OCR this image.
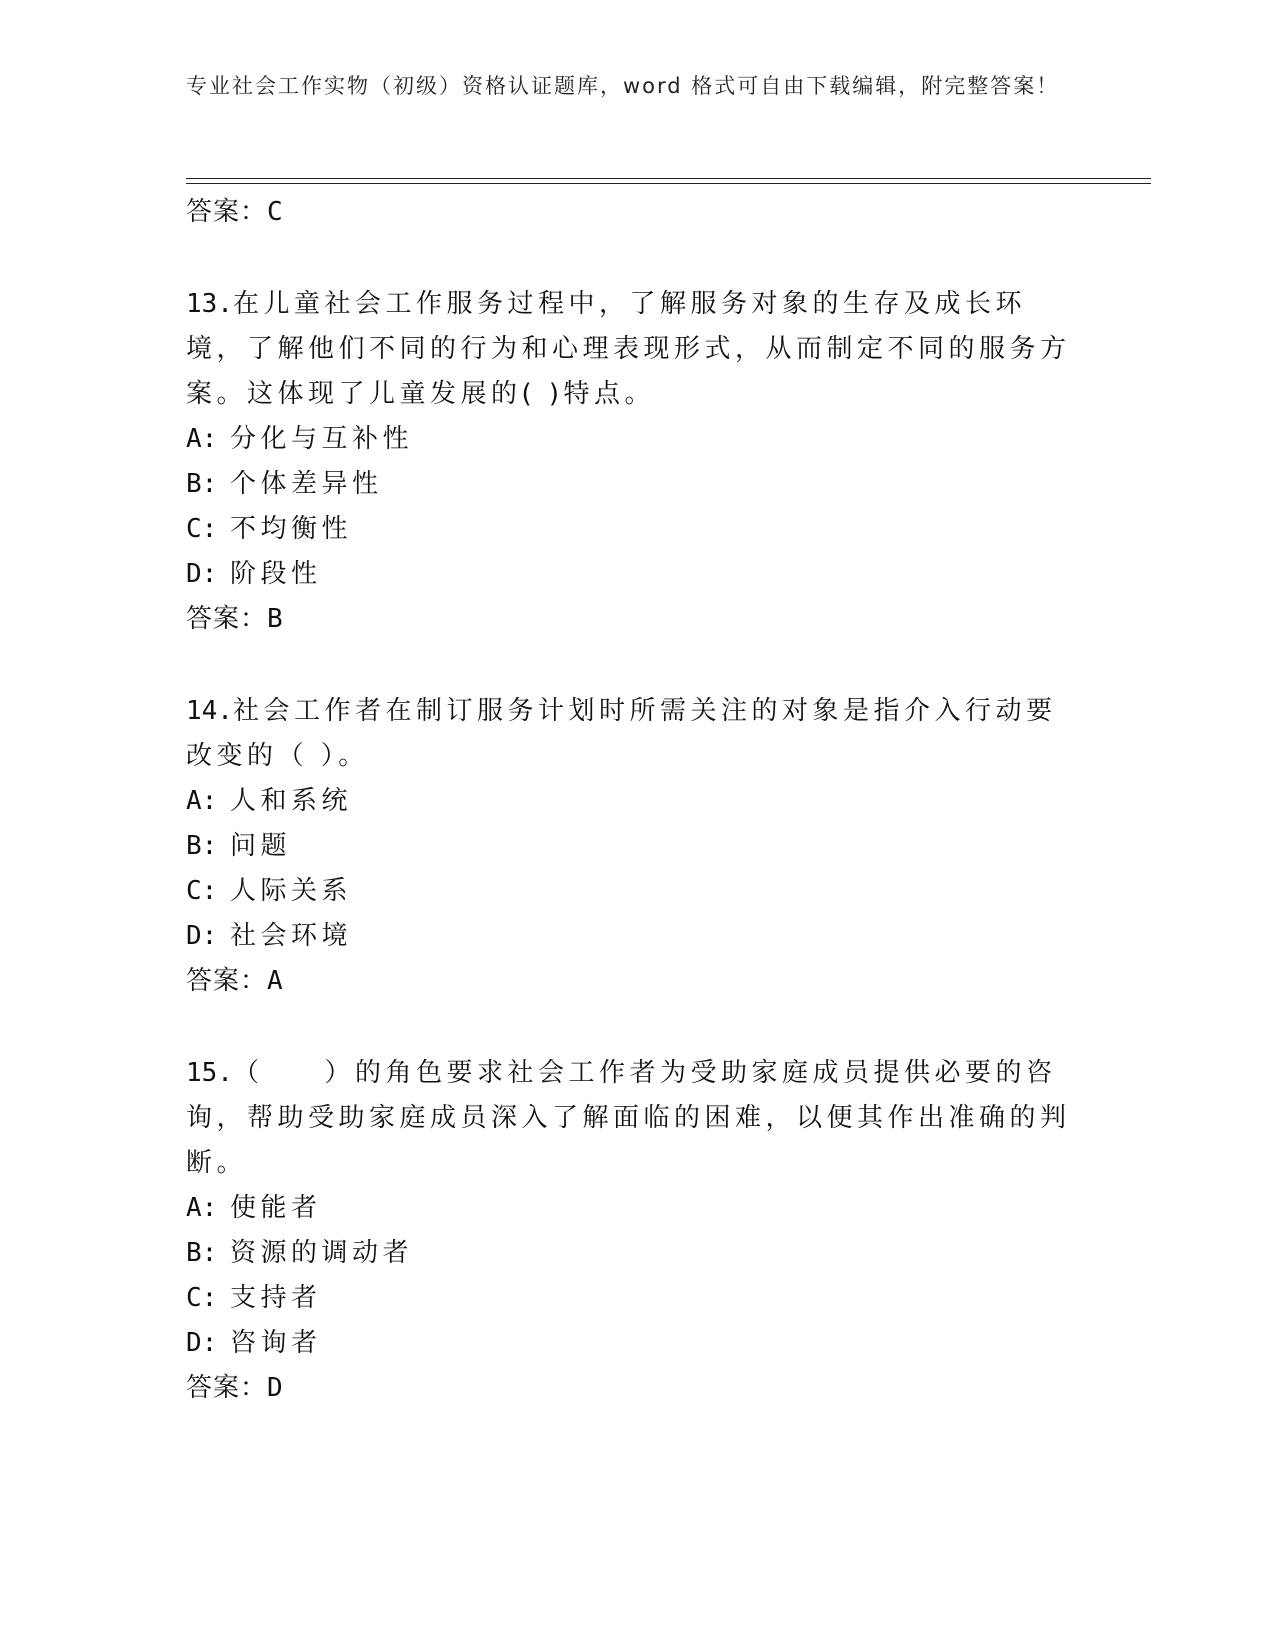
专业社会工作实物（初级）资格认证题库，word 格式可自由下载编辑，附完整答案！
答案：C
13.在儿童社会工作服务过程中，了解服务对象的生存及成长环境，了解他们不同的行为和心理表现形式，从而制定不同的服务方案。这体现了儿童发展的( )特点。
A: 分化与互补性
B: 个体差异性
C: 不均衡性
D: 阶段性
答案：B
14.社会工作者在制订服务计划时所需关注的对象是指介入行动要改变的（ ）。
A: 人和系统
B: 问题
C: 人际关系
D: 社会环境
答案：A
15.（　　）的角色要求社会工作者为受助家庭成员提供必要的咨询，帮助受助家庭成员深入了解面临的困难，以便其作出准确的判断。
A: 使能者
B: 资源的调动者
C: 支持者
D: 咨询者
答案：D
